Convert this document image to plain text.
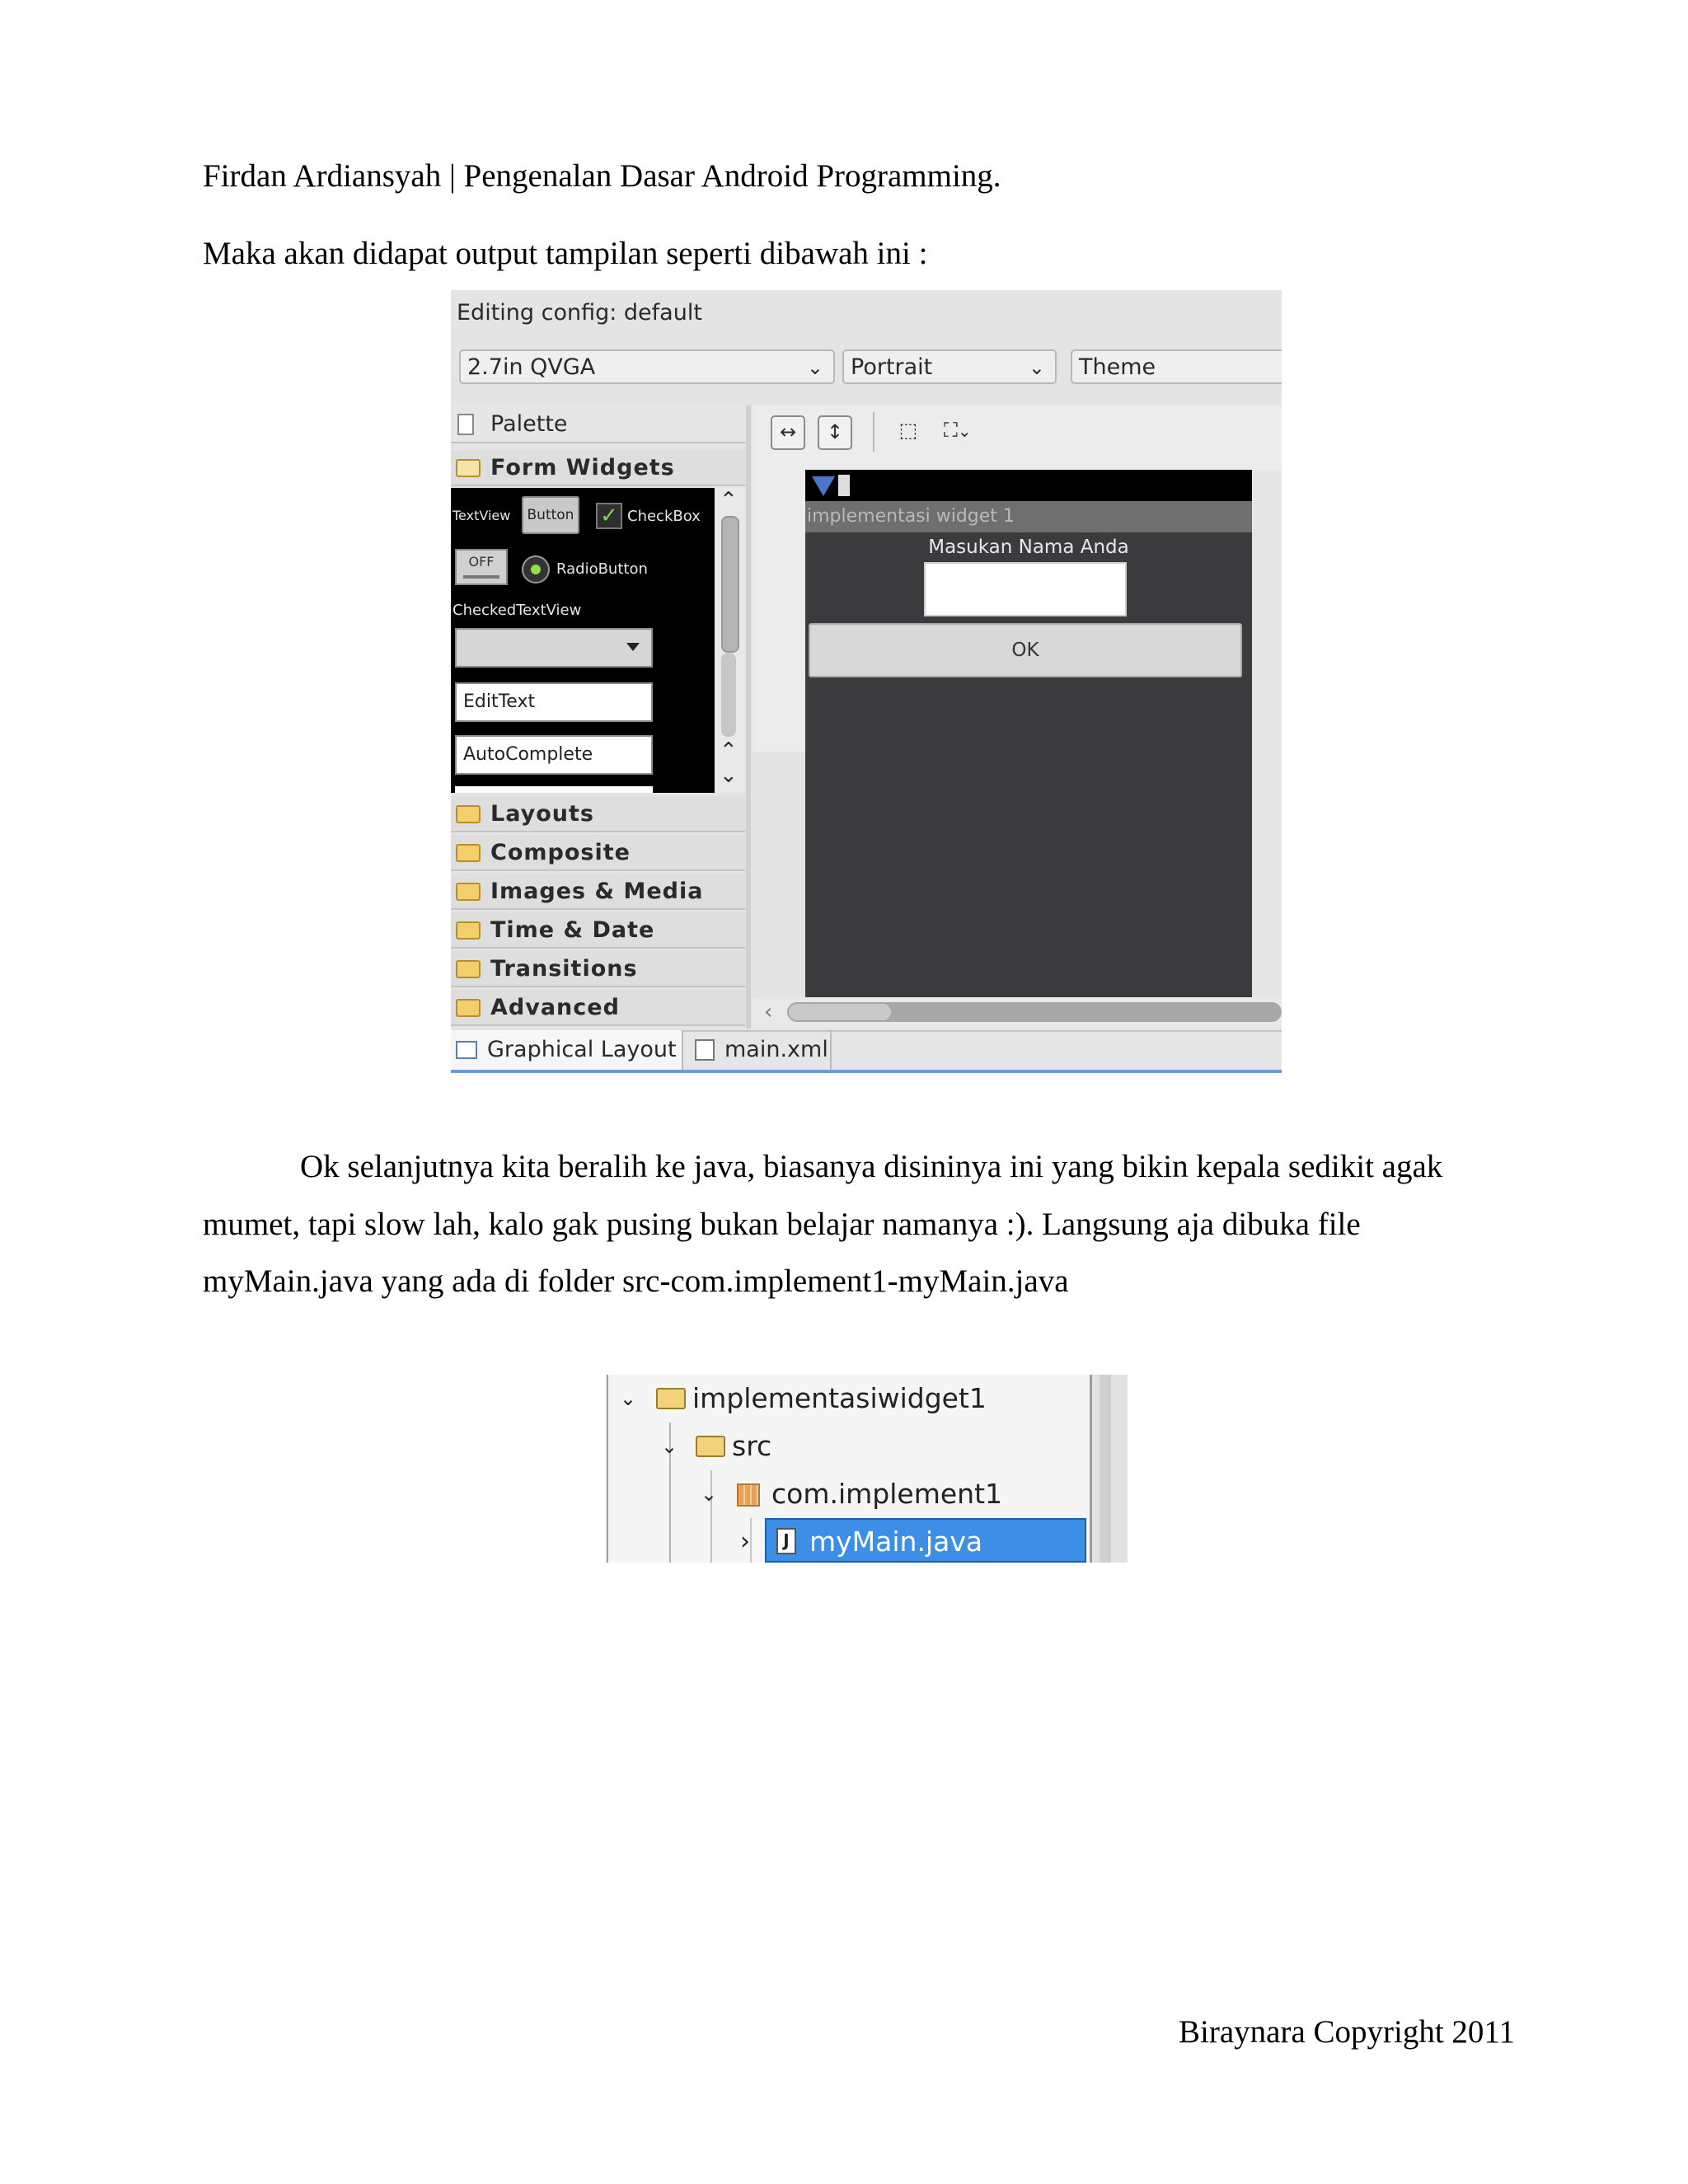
Firdan Ardiansyah | Pengenalan Dasar Android Programming.
Maka akan didapat output tampilan seperti dibawah ini :
Editing config: default
2.7in QVGA	⌄	Portrait	⌄	Theme
Palette
Form Widgets
TextView	Button ✓ CheckBox
OFF	RadioButton
CheckedTextView
EditText
AutoComplete
⌃
⌃
⌄
↔	↕	⬚	⛶⌄
implementasi widget 1
Masukan Nama Anda
OK
‹
Graphical Layout	main.xml
Layouts
Composite
Images & Media
Time & Date
Transitions
Advanced
Ok selanjutnya kita beralih ke java, biasanya disininya ini yang bikin kepala sedikit agak
mumet, tapi slow lah, kalo gak pusing bukan belajar namanya :). Langsung aja dibuka file
myMain.java yang ada di folder src-com.implement1-myMain.java
⌄ implementasiwidget1
⌄ src
⌄ com.implement1
›	J myMain.java
Biraynara Copyright 2011
